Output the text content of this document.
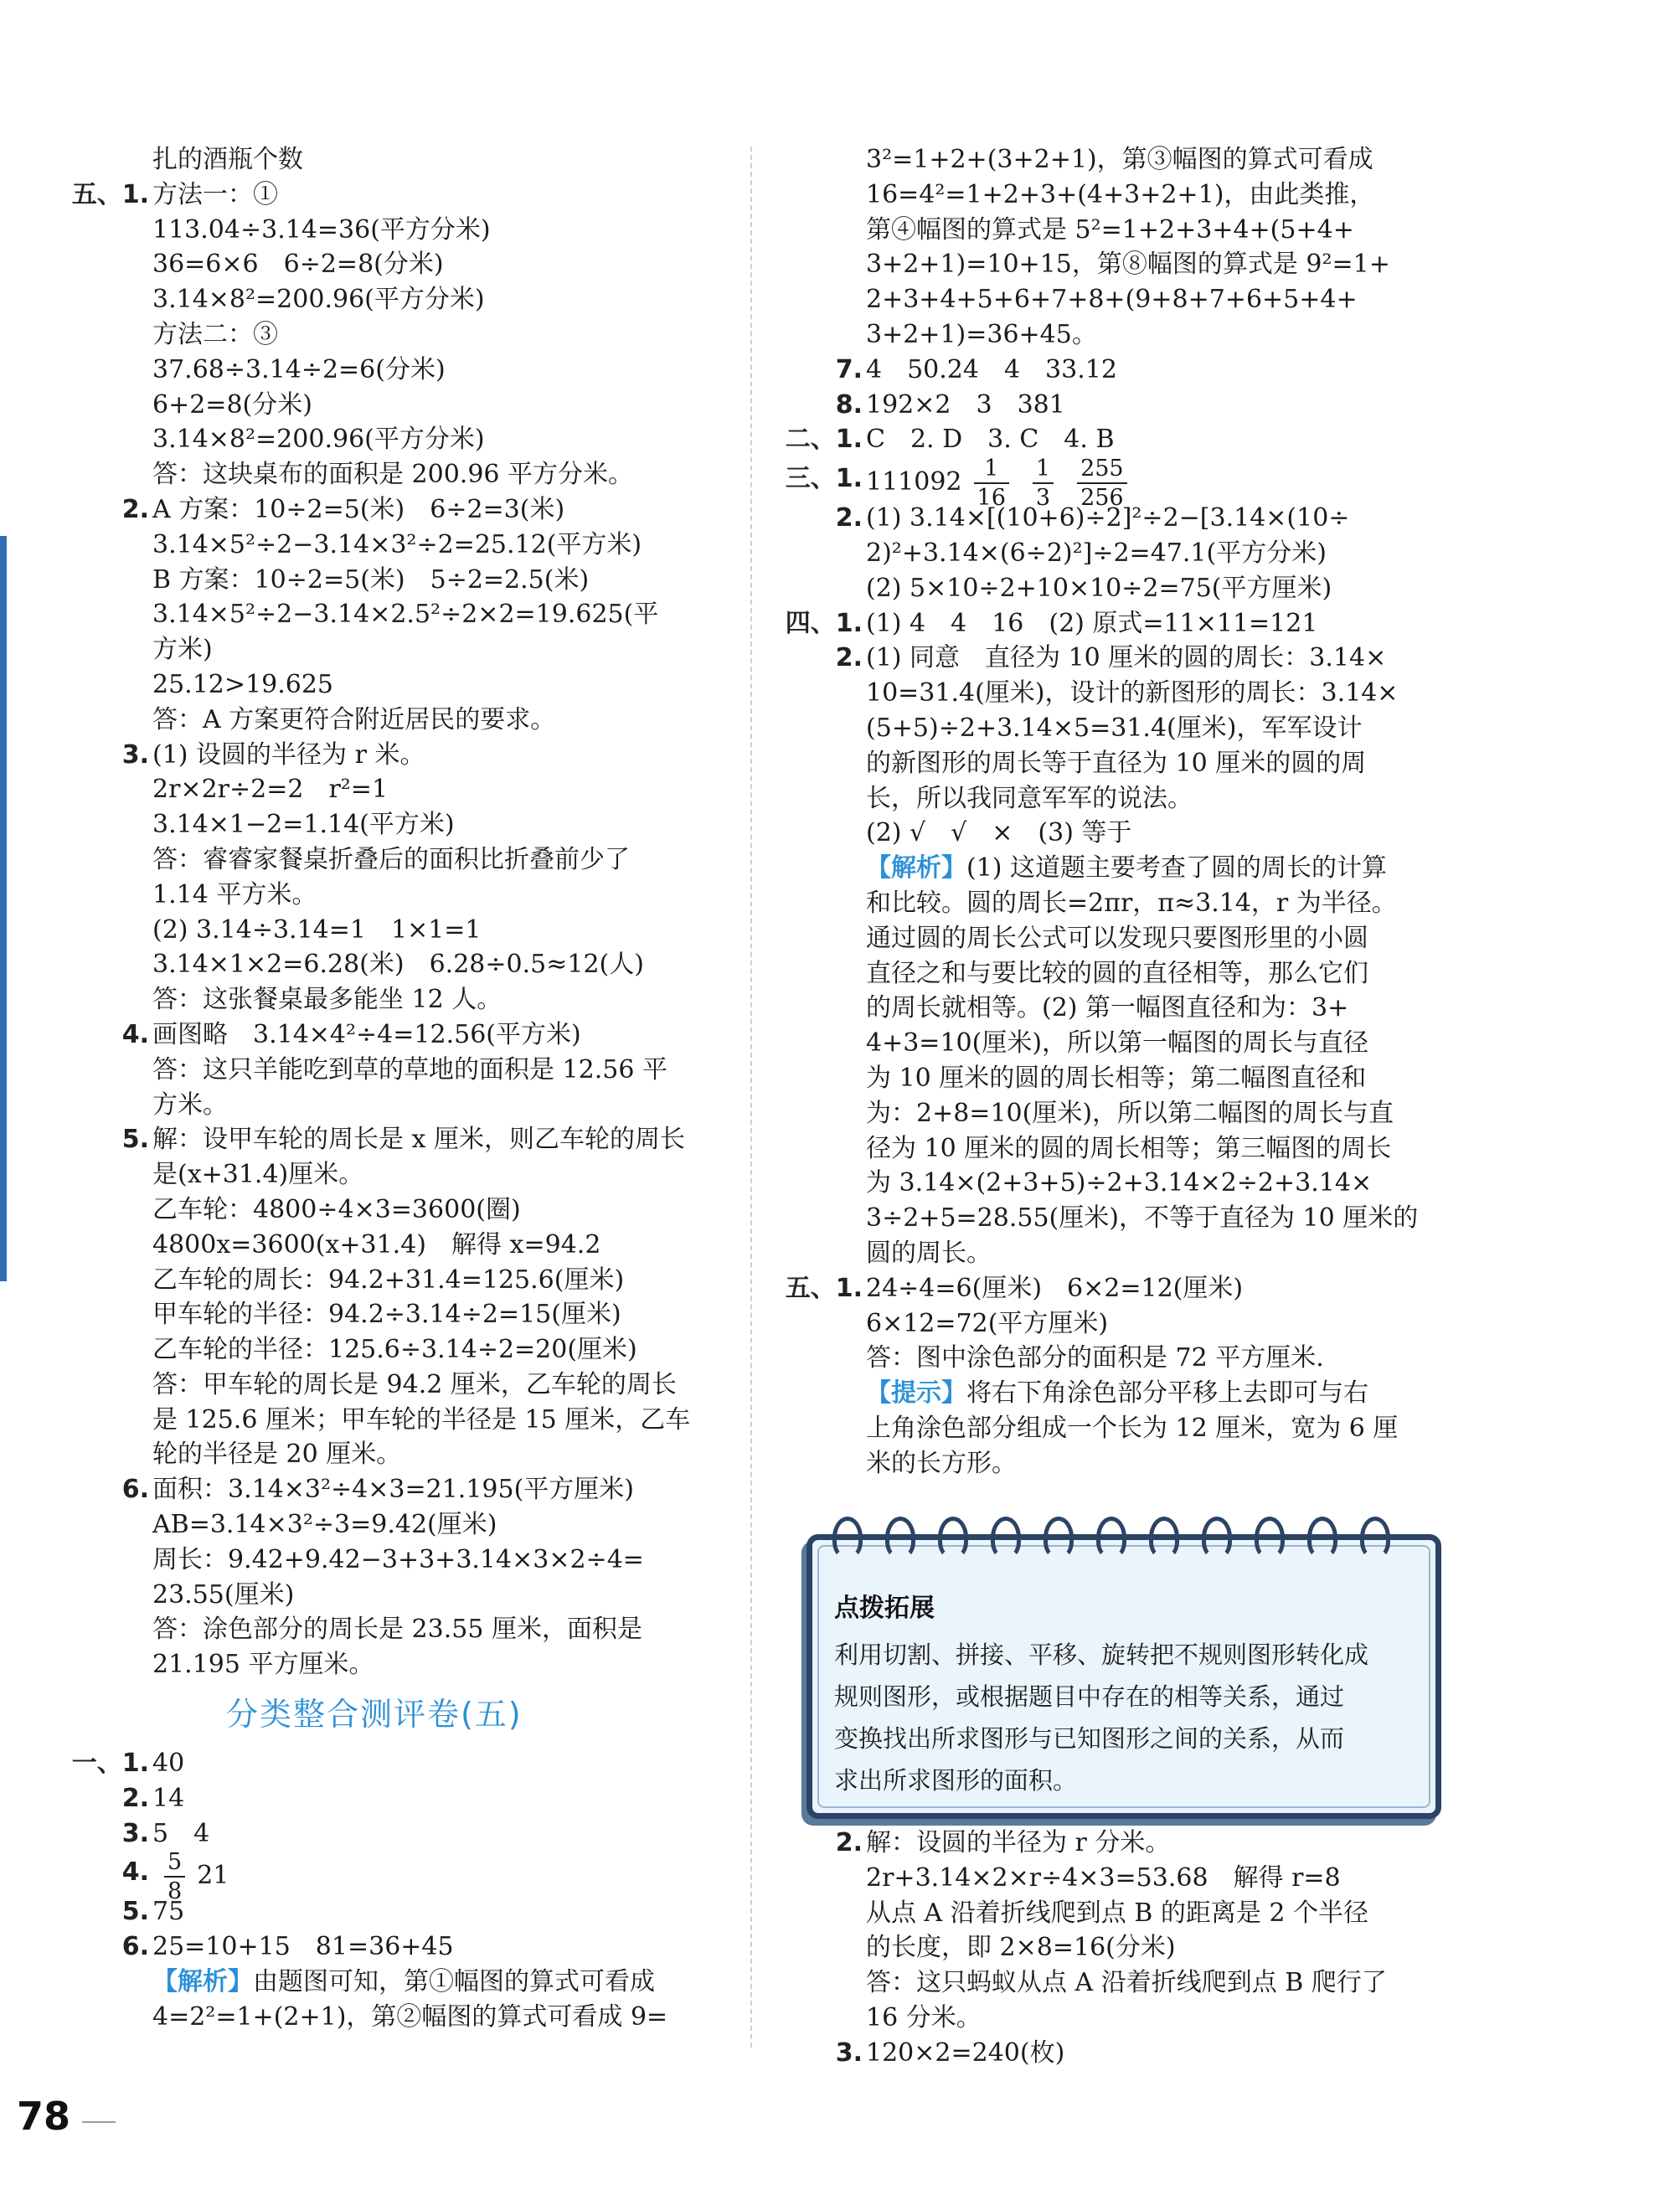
扎的酒瓶个数
五、1. 方法一：①
113.04÷3.14=36(平方分米)
36=6×6　6÷2=8(分米)
3.14×8²=200.96(平方分米)
方法二：③
37.68÷3.14÷2=6(分米)
6+2=8(分米)
3.14×8²=200.96(平方分米)
答：这块桌布的面积是 200.96 平方分米。
2. A 方案：10÷2=5(米)　6÷2=3(米)
3.14×5²÷2−3.14×3²÷2=25.12(平方米)
B 方案：10÷2=5(米)　5÷2=2.5(米)
3.14×5²÷2−3.14×2.5²÷2×2=19.625(平
方米)
25.12>19.625
答：A 方案更符合附近居民的要求。
3. (1) 设圆的半径为 r 米。
2r×2r÷2=2　r²=1
3.14×1−2=1.14(平方米)
答：睿睿家餐桌折叠后的面积比折叠前少了
1.14 平方米。
(2) 3.14÷3.14=1　1×1=1
3.14×1×2=6.28(米)　6.28÷0.5≈12(人)
答：这张餐桌最多能坐 12 人。
4. 画图略　3.14×4²÷4=12.56(平方米)
答：这只羊能吃到草的草地的面积是 12.56 平
方米。
5. 解：设甲车轮的周长是 x 厘米，则乙车轮的周长
是(x+31.4)厘米。
乙车轮：4800÷4×3=3600(圈)
4800x=3600(x+31.4)　解得 x=94.2
乙车轮的周长：94.2+31.4=125.6(厘米)
甲车轮的半径：94.2÷3.14÷2=15(厘米)
乙车轮的半径：125.6÷3.14÷2=20(厘米)
答：甲车轮的周长是 94.2 厘米，乙车轮的周长
是 125.6 厘米；甲车轮的半径是 15 厘米，乙车
轮的半径是 20 厘米。
6. 面积：3.14×3²÷4×3=21.195(平方厘米)
AB=3.14×3²÷3=9.42(厘米)
周长：9.42+9.42−3+3+3.14×3×2÷4=
23.55(厘米)
答：涂色部分的周长是 23.55 厘米，面积是
21.195 平方厘米。
分类整合测评卷(五)
一、1. 40
2. 14
3. 5　4
4. $\frac{5}{8} 21$
5. 75
6. 25=10+15　81=36+45
【解析】由题图可知，第①幅图的算式可看成
4=2²=1+(2+1)，第②幅图的算式可看成 9=
3²=1+2+(3+2+1)，第③幅图的算式可看成
16=4²=1+2+3+(4+3+2+1)，由此类推，
第④幅图的算式是 5²=1+2+3+4+(5+4+
3+2+1)=10+15，第⑧幅图的算式是 9²=1+
2+3+4+5+6+7+8+(9+8+7+6+5+4+
3+2+1)=36+45。
7. 4　50.24　4　33.12
8. 192×2　3　381
二、1. C　2. D　3. C　4. B
三、1. $111092 \frac{1}{16} \frac{1}{3} \frac{255}{256}$
2. (1) 3.14×[(10+6)÷2]²÷2−[3.14×(10÷
2)²+3.14×(6÷2)²]÷2=47.1(平方分米)
(2) 5×10÷2+10×10÷2=75(平方厘米)
四、1. (1) 4　4　16　(2) 原式=11×11=121
2. (1) 同意　直径为 10 厘米的圆的周长：3.14×
10=31.4(厘米)，设计的新图形的周长：3.14×
(5+5)÷2+3.14×5=31.4(厘米)，军军设计
的新图形的周长等于直径为 10 厘米的圆的周
长，所以我同意军军的说法。
(2) √　√　×　(3) 等于
【解析】(1) 这道题主要考查了圆的周长的计算
和比较。圆的周长=2πr，π≈3.14，r 为半径。
通过圆的周长公式可以发现只要图形里的小圆
直径之和与要比较的圆的直径相等，那么它们
的周长就相等。(2) 第一幅图直径和为：3+
4+3=10(厘米)，所以第一幅图的周长与直径
为 10 厘米的圆的周长相等；第二幅图直径和
为：2+8=10(厘米)，所以第二幅图的周长与直
径为 10 厘米的圆的周长相等；第三幅图的周长
为 3.14×(2+3+5)÷2+3.14×2÷2+3.14×
3÷2+5=28.55(厘米)，不等于直径为 10 厘米的
圆的周长。
五、1. 24÷4=6(厘米)　6×2=12(厘米)
6×12=72(平方厘米)
答：图中涂色部分的面积是 72 平方厘米.
【提示】将右下角涂色部分平移上去即可与右
上角涂色部分组成一个长为 12 厘米，宽为 6 厘
米的长方形。
点拨拓展
利用切割、拼接、平移、旋转把不规则图形转化成
规则图形，或根据题目中存在的相等关系，通过
变换找出所求图形与已知图形之间的关系，从而
求出所求图形的面积。
2. 解：设圆的半径为 r 分米。
2r+3.14×2×r÷4×3=53.68　解得 r=8
从点 A 沿着折线爬到点 B 的距离是 2 个半径
的长度，即 2×8=16(分米)
答：这只蚂蚁从点 A 沿着折线爬到点 B 爬行了
16 分米。
3. 120×2=240(枚)
78
